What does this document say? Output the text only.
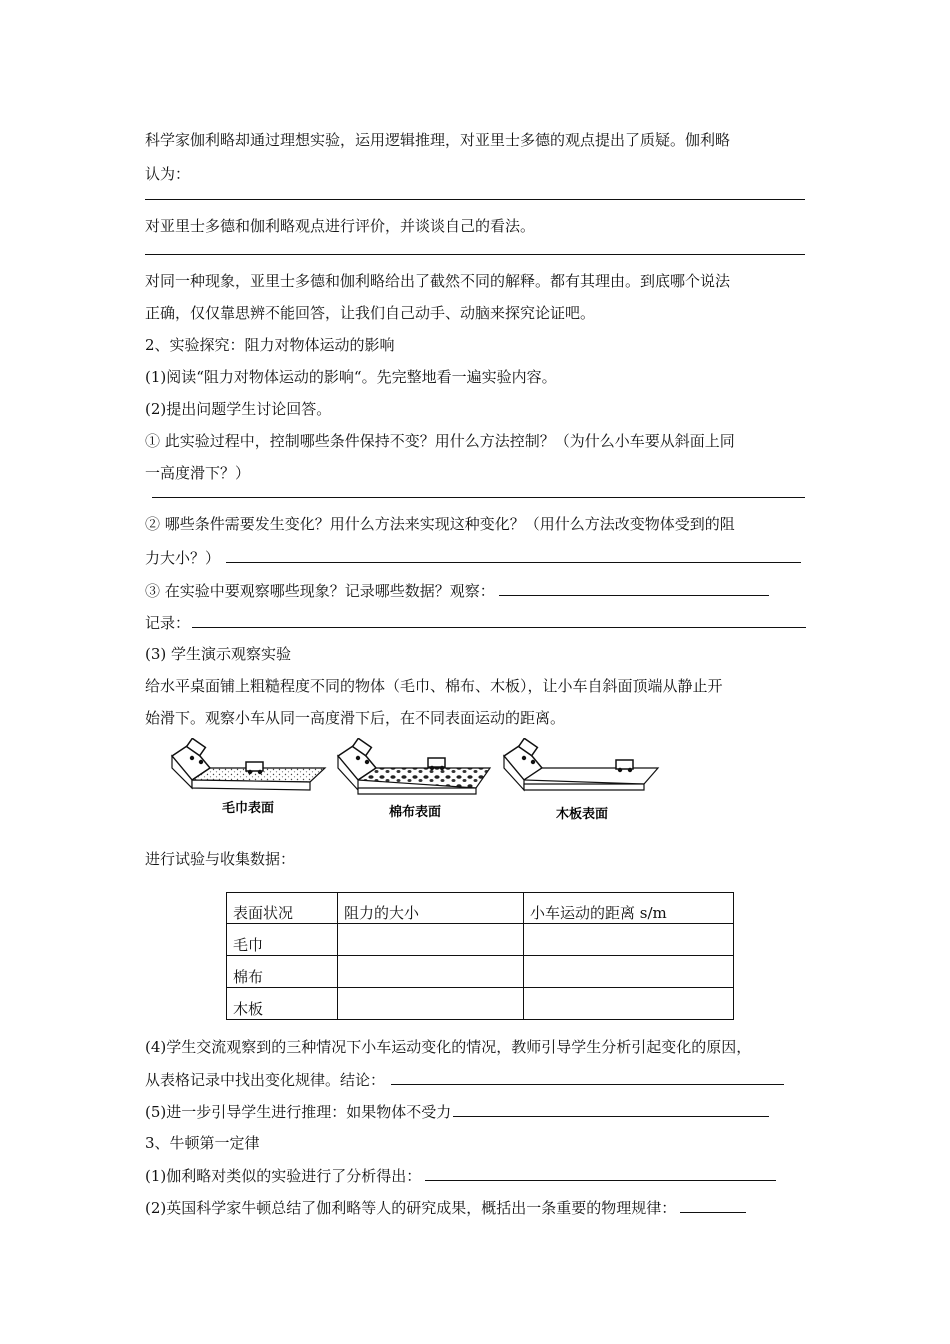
科学家伽利略却通过理想实验，运用逻辑推理，对亚里士多德的观点提出了质疑。伽利略
认为：
对亚里士多德和伽利略观点进行评价，并谈谈自己的看法。
对同一种现象，亚里士多德和伽利略给出了截然不同的解释。都有其理由。到底哪个说法
正确，仅仅靠思辨不能回答，让我们自己动手、动脑来探究论证吧。
2、实验探究：阻力对物体运动的影响
(1)阅读“阻力对物体运动的影响“。先完整地看一遍实验内容。
(2)提出问题学生讨论回答。
① 此实验过程中，控制哪些条件保持不变？用什么方法控制？（为什么小车要从斜面上同
一高度滑下？）
② 哪些条件需要发生变化？用什么方法来实现这种变化？（用什么方法改变物体受到的阻
力大小？）
③ 在实验中要观察哪些现象？记录哪些数据？观察：
记录：
(3) 学生演示观察实验
给水平桌面铺上粗糙程度不同的物体（毛巾、棉布、木板），让小车自斜面顶端从静止开
始滑下。观察小车从同一高度滑下后，在不同表面运动的距离。
毛巾表面	棉布表面	木板表面
进行试验与收集数据：
表面状况	阻力的大小	小车运动的距离 s/m
毛巾		
棉布		
木板		
(4)学生交流观察到的三种情况下小车运动变化的情况，教师引导学生分析引起变化的原因，
从表格记录中找出变化规律。结论：
(5)进一步引导学生进行推理：如果物体不受力
3、牛顿第一定律
(1)伽利略对类似的实验进行了分析得出：
(2)英国科学家牛顿总结了伽利略等人的研究成果，概括出一条重要的物理规律：
